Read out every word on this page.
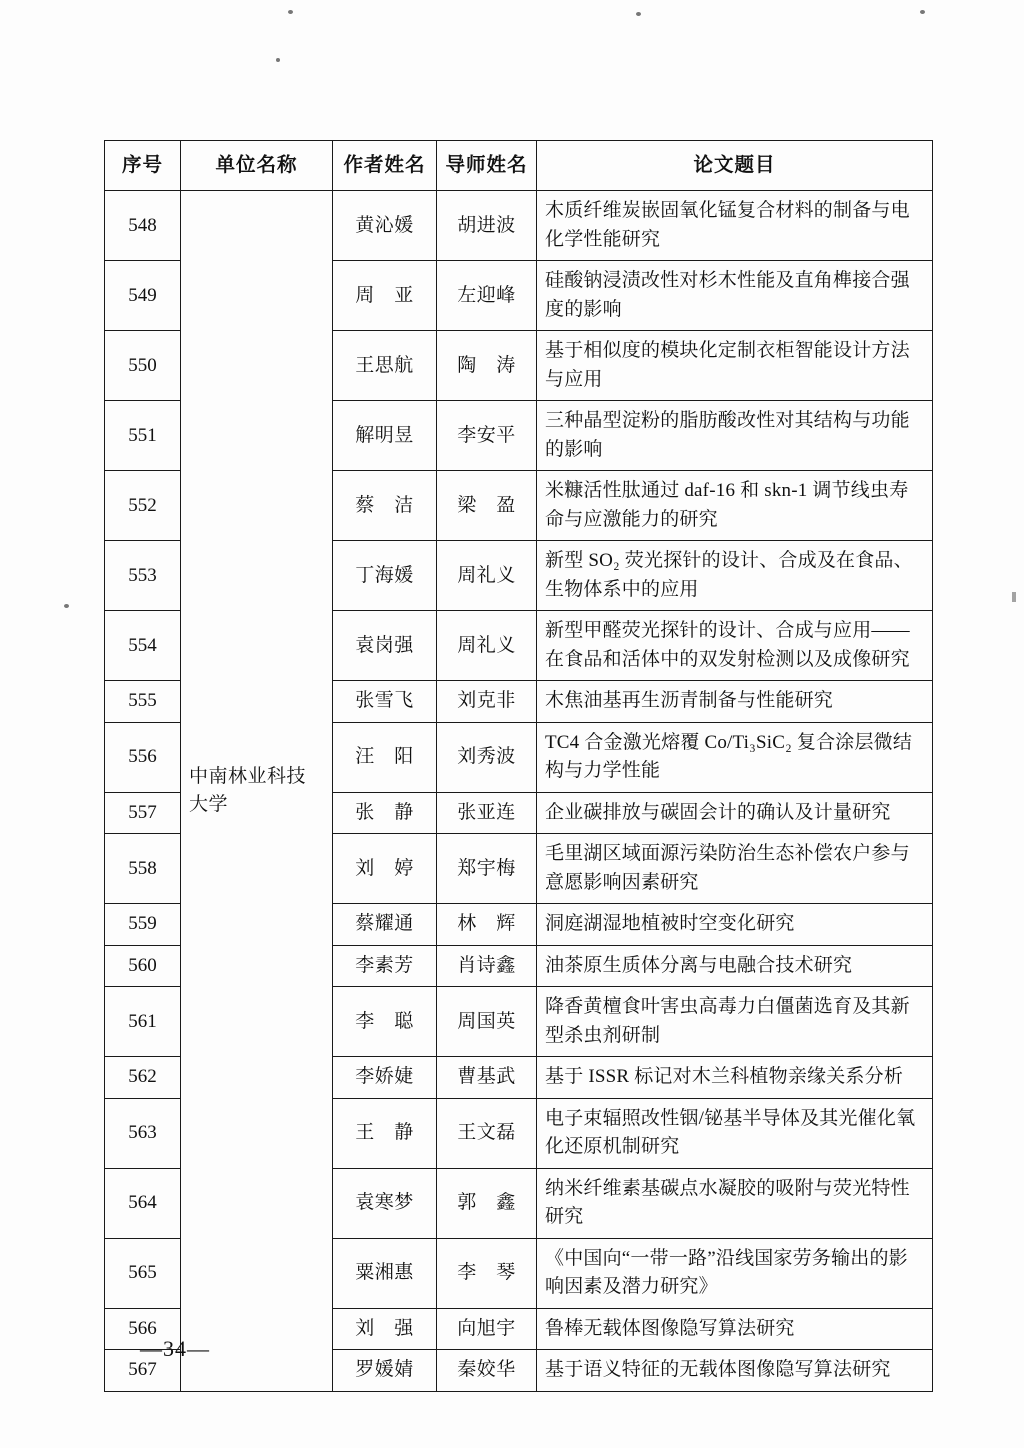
序号	单位名称	作者姓名	导师姓名	论文题目
548	中南林业科技大学	黄沁媛	胡进波	木质纤维炭嵌固氧化锰复合材料的制备与电化学性能研究
549		周　亚	左迎峰	硅酸钠浸渍改性对杉木性能及直角榫接合强度的影响
550		王思航	陶　涛	基于相似度的模块化定制衣柜智能设计方法与应用
551		解明昱	李安平	三种晶型淀粉的脂肪酸改性对其结构与功能的影响
552		蔡　洁	梁　盈	米糠活性肽通过 daf-16 和 skn-1 调节线虫寿命与应激能力的研究
553		丁海媛	周礼义	新型 SO₂ 荧光探针的设计、合成及在食品、生物体系中的应用
554		袁岗强	周礼义	新型甲醛荧光探针的设计、合成与应用——在食品和活体中的双发射检测以及成像研究
555		张雪飞	刘克非	木焦油基再生沥青制备与性能研究
556		汪　阳	刘秀波	TC4 合金激光熔覆 Co/Ti₃SiC₂ 复合涂层微结构与力学性能
557		张　静	张亚连	企业碳排放与碳固会计的确认及计量研究
558		刘　婷	郑宇梅	毛里湖区域面源污染防治生态补偿农户参与意愿影响因素研究
559		蔡耀通	林　辉	洞庭湖湿地植被时空变化研究
560		李素芳	肖诗鑫	油茶原生质体分离与电融合技术研究
561		李　聪	周国英	降香黄檀食叶害虫高毒力白僵菌选育及其新型杀虫剂研制
562		李娇婕	曹基武	基于 ISSR 标记对木兰科植物亲缘关系分析
563		王　静	王文磊	电子束辐照改性铟/铋基半导体及其光催化氧化还原机制研究
564		袁寒梦	郭　鑫	纳米纤维素基碳点水凝胶的吸附与荧光特性研究
565		粟湘惠	李　琴	《中国向“一带一路”沿线国家劳务输出的影响因素及潜力研究》
566		刘　强	向旭宇	鲁棒无载体图像隐写算法研究
567		罗媛婧	秦姣华	基于语义特征的无载体图像隐写算法研究
—34—
